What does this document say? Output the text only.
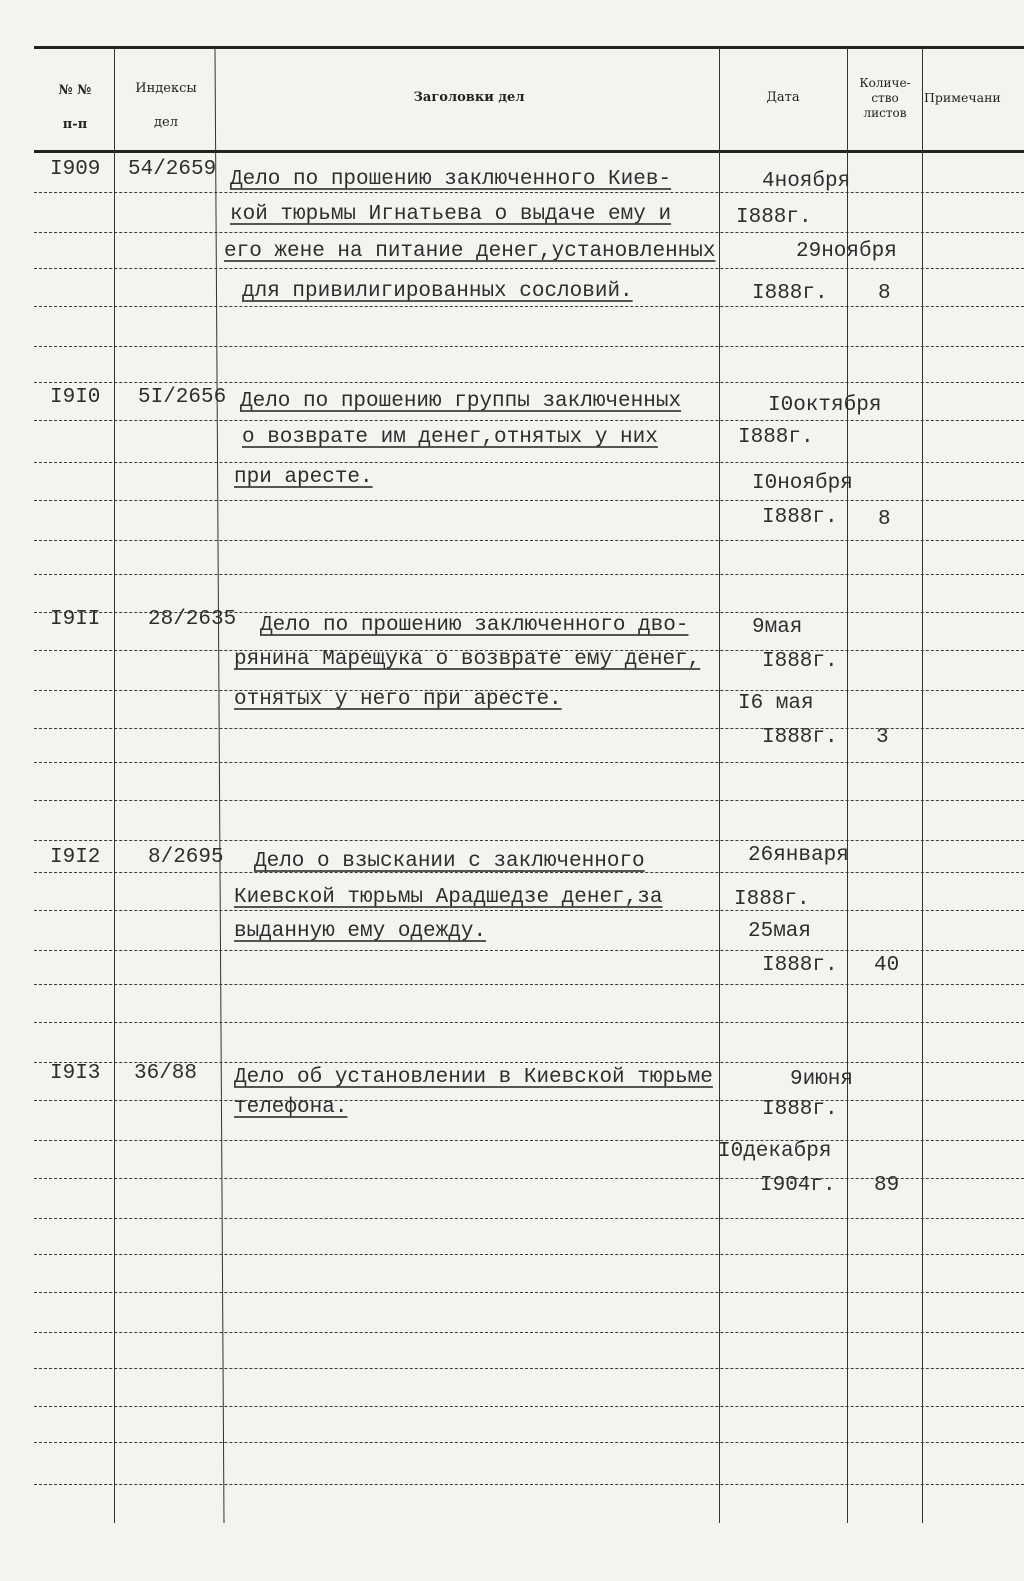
№ №
п-п
Индексы
дел
Заголовки дел	Дата
Количе-ство листов
Примечани
I909 54/2659 Дело по прошению заключенного Киев-
кой тюрьмы Игнатьева о выдаче ему и
его жене на питание денег,установленных
для привилигированных сословий.
4ноября
I888г.
29ноября
I888г. 8
I9I0 5I/2656 Дело по прошению группы заключенных
о возврате им денег,отнятых у них
при аресте.
I0октября
I888г.
I0ноября
I888г. 8
I9II 28/2635 Дело по прошению заключенного дво-
рянина Марещука о возврате ему денег,
отнятых у него при аресте.
9мая
I888г.
I6 мая
I888г. 3
I9I2 8/2695 Дело о взыскании с заключенного
Киевской тюрьмы Арадшедзе денег,за
выданную ему одежду.
26января
I888г.
25мая
I888г. 40
I9I3 36/88 Дело об установлении в Киевской тюрьме
телефона.
9июня
I888г.
I0декабря
I904г. 89
